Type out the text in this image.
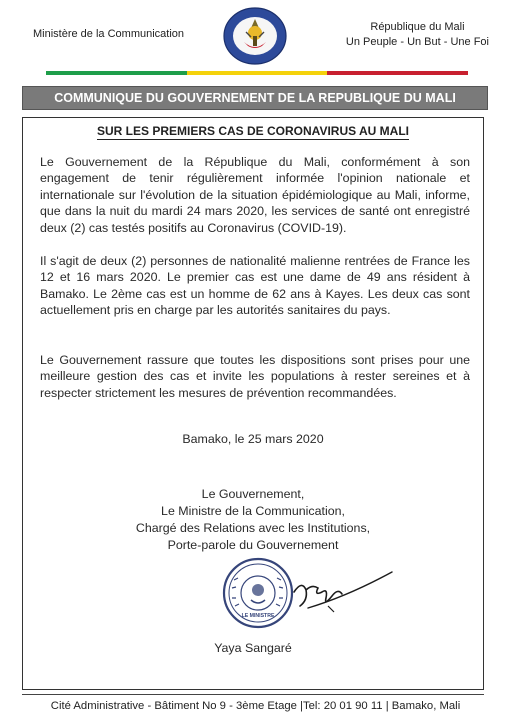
Ministère de la Communication
République du Mali
Un Peuple - Un But - Une Foi
COMMUNIQUE DU GOUVERNEMENT DE LA REPUBLIQUE DU MALI
SUR LES PREMIERS CAS DE CORONAVIRUS AU MALI

Le Gouvernement de la République du Mali, conformément à son engagement de tenir régulièrement informée l'opinion nationale et internationale sur l'évolution de la situation épidémiologique au Mali, informe, que dans la nuit du mardi 24 mars 2020, les services de santé ont enregistré deux (2) cas testés positifs au Coronavirus (COVID-19).

Il s'agit de deux (2) personnes de nationalité malienne rentrées de France les 12 et 16 mars 2020. Le premier cas est une dame de 49 ans résident à Bamako. Le 2ème cas est un homme de 62 ans à Kayes. Les deux cas sont actuellement pris en charge par les autorités sanitaires du pays.

Le Gouvernement rassure que toutes les dispositions sont prises pour une meilleure gestion des cas et invite les populations à rester sereines et à respecter strictement les mesures de prévention recommandées.

Bamako, le 25 mars 2020
Le Gouvernement,
Le Ministre de la Communication,
Chargé des Relations avec les Institutions,
Porte-parole du Gouvernement
LE MINISTRE
Yaya Sangaré
Cité Administrative - Bâtiment No 9 - 3ème Etage |Tel: 20 01 90 11 | Bamako, Mali
